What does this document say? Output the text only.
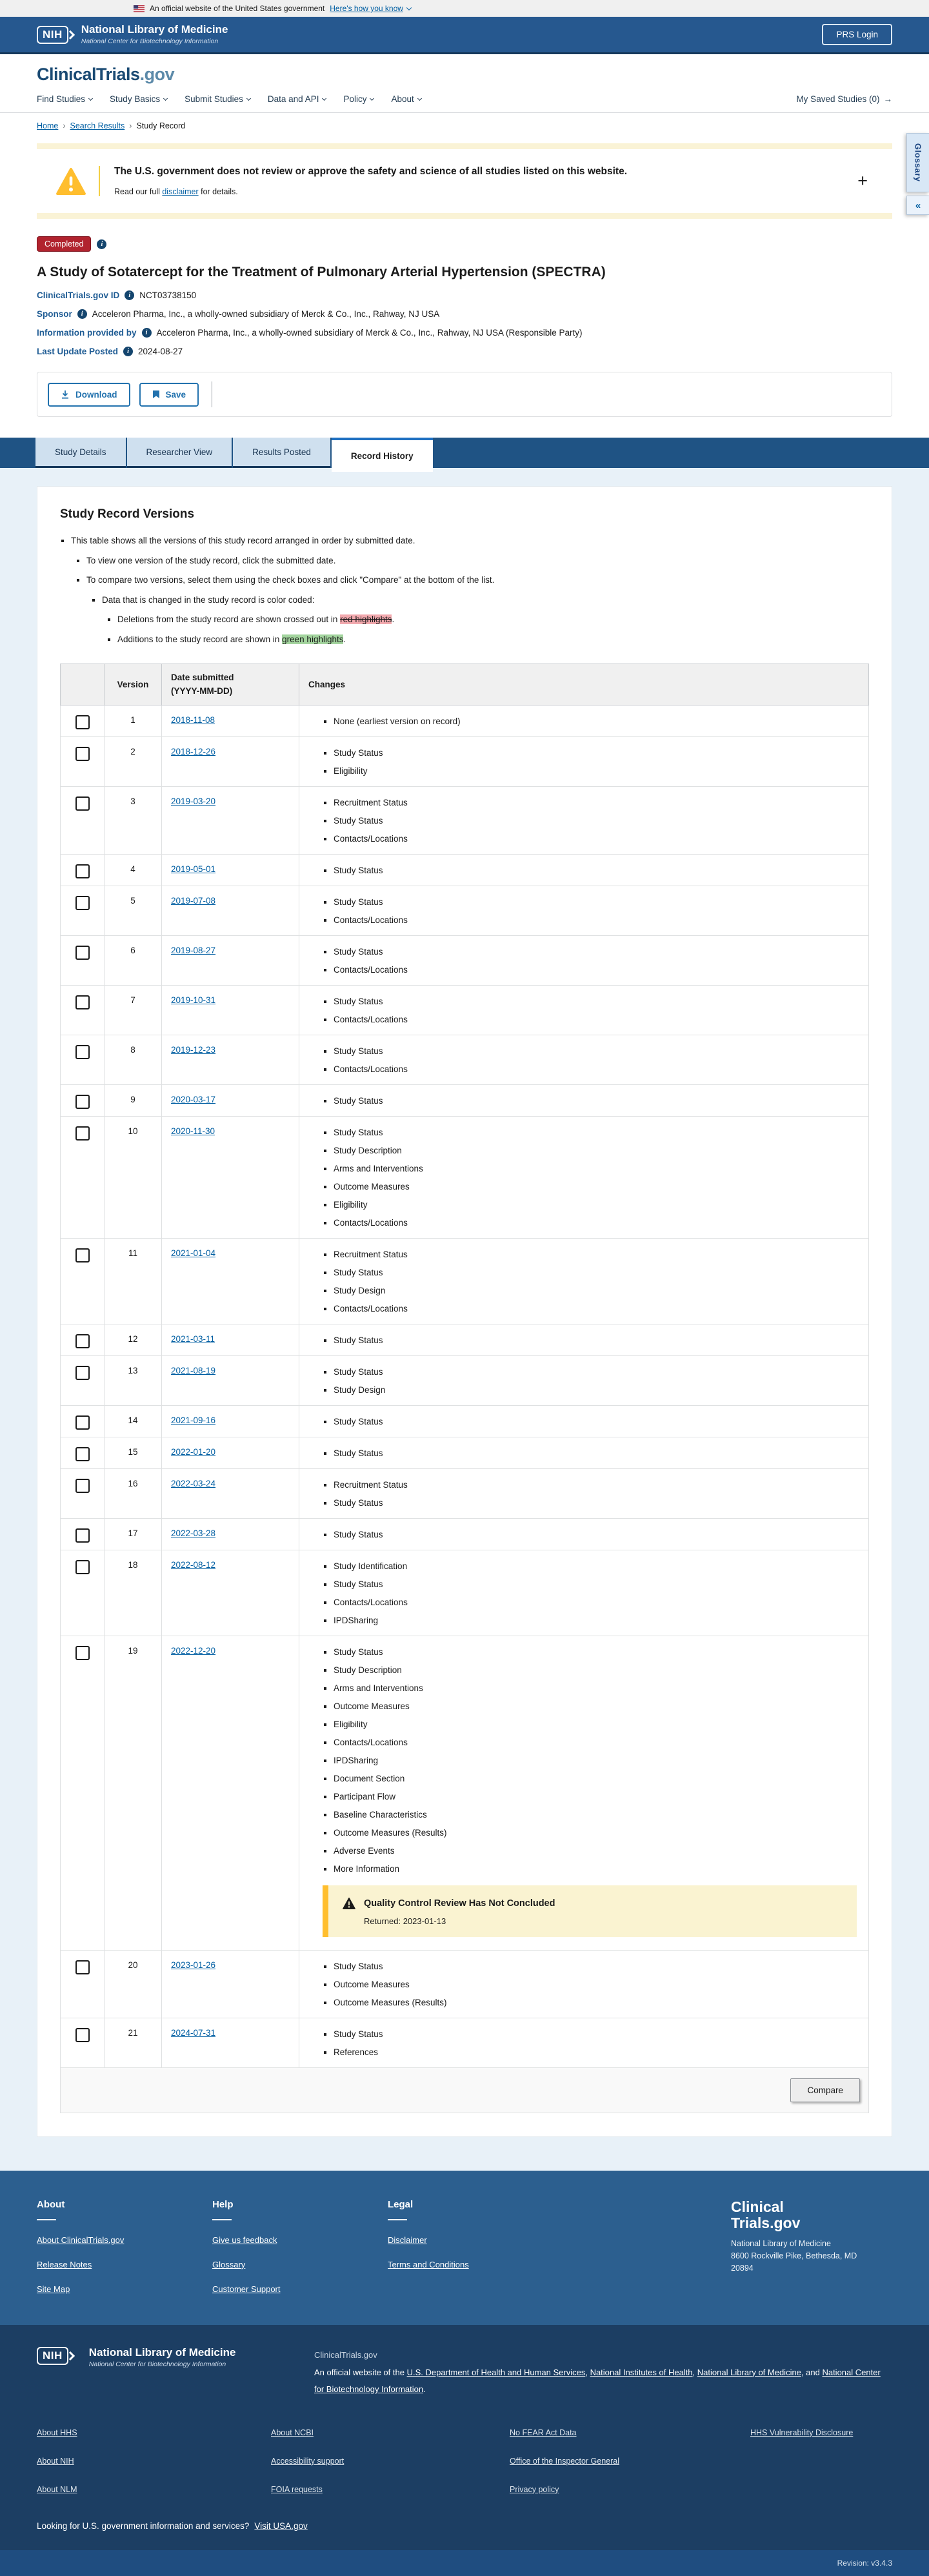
An official website of the United States government Here's how you know
NIH	National Library of Medicine
National Center for Biotechnology Information
PRS Login
ClinicalTrials.gov
Find Studies	Study Basics	Submit Studies	Data and API	Policy	About	My Saved Studies (0) →
Home › Search Results › Study Record
Glossary
«
The U.S. government does not review or approve the safety and science of all studies listed on this website.
Read our full disclaimer for details.
+
Completed	i
A Study of Sotatercept for the Treatment of Pulmonary Arterial Hypertension (SPECTRA)
ClinicalTrials.gov ID	i	NCT03738150
Sponsor	i	Acceleron Pharma, Inc., a wholly-owned subsidiary of Merck & Co., Inc., Rahway, NJ USA
Information provided by	i	Acceleron Pharma, Inc., a wholly-owned subsidiary of Merck & Co., Inc., Rahway, NJ USA (Responsible Party)
Last Update Posted	i	2024-08-27
Download	Save
Study Details	Researcher View	Results Posted	Record History
Study Record Versions
This table shows all the versions of this study record arranged in order by submitted date.
To view one version of the study record, click the submitted date.
To compare two versions, select them using the check boxes and click "Compare" at the bottom of the list.
Data that is changed in the study record is color coded:
Deletions from the study record are shown crossed out in red highlights.
Additions to the study record are shown in green highlights.
	Version	Date submitted
(YYYY-MM-DD)	Changes
	1	2018-11-08	None (earliest version on record)

	2	2018-12-26	Study Status
Eligibility

	3	2019-03-20	Recruitment Status
Study Status
Contacts/Locations

	4	2019-05-01	Study Status

	5	2019-07-08	Study Status
Contacts/Locations

	6	2019-08-27	Study Status
Contacts/Locations

	7	2019-10-31	Study Status
Contacts/Locations

	8	2019-12-23	Study Status
Contacts/Locations

	9	2020-03-17	Study Status

	10	2020-11-30	Study Status
Study Description
Arms and Interventions
Outcome Measures
Eligibility
Contacts/Locations

	11	2021-01-04	Recruitment Status
Study Status
Study Design
Contacts/Locations

	12	2021-03-11	Study Status

	13	2021-08-19	Study Status
Study Design

	14	2021-09-16	Study Status

	15	2022-01-20	Study Status

	16	2022-03-24	Recruitment Status
Study Status

	17	2022-03-28	Study Status

	18	2022-08-12	Study Identification
Study Status
Contacts/Locations
IPDSharing

	19	2022-12-20	Study Status
Study Description
Arms and Interventions
Outcome Measures
Eligibility
Contacts/Locations
IPDSharing
Document Section
Participant Flow
Baseline Characteristics
Outcome Measures (Results)
Adverse Events
More Information
Quality Control Review Has Not Concluded
Returned: 2023-01-13

	20	2023-01-26	Study Status
Outcome Measures
Outcome Measures (Results)

	21	2024-07-31	Study Status
References

Compare			
About
About ClinicalTrials.gov
Release Notes
Site Map
Help
Give us feedback
Glossary
Customer Support
Legal
Disclaimer
Terms and Conditions
Clinical
Trials.gov
National Library of Medicine
8600 Rockville Pike, Bethesda, MD
20894
NIH	National Library of Medicine
National Center for Biotechnology Information
ClinicalTrials.gov
An official website of the U.S. Department of Health and Human Services, National Institutes of Health, National Library of Medicine, and National Center for Biotechnology Information.
About HHS	About NCBI	No FEAR Act Data	HHS Vulnerability Disclosure
About NIH	Accessibility support	Office of the Inspector General
About NLM	FOIA requests	Privacy policy
Looking for U.S. government information and services? Visit USA.gov
Revision: v3.4.3
